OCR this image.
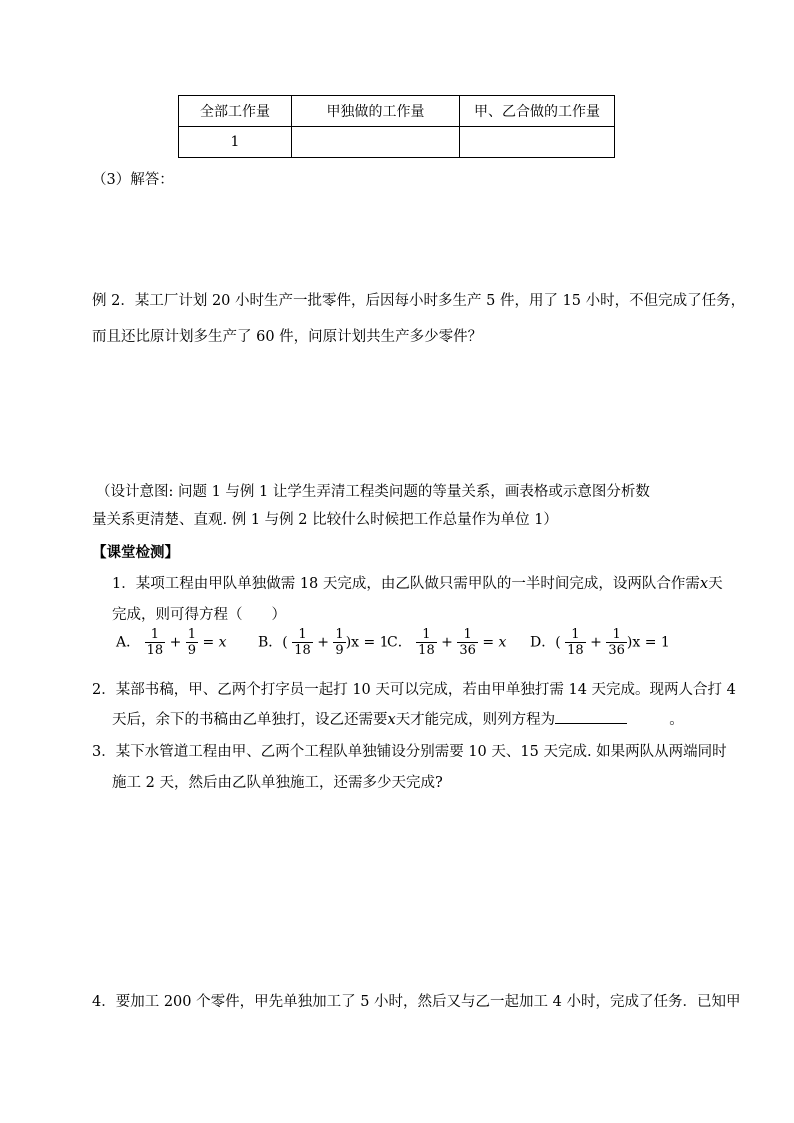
全部工作量	甲独做的工作量	甲、乙合做的工作量
1		
（3）解答：
例 2．某工厂计划 20 小时生产一批零件，后因每小时多生产 5 件，用了 15 小时，不但完成了任务，
而且还比原计划多生产了 60 件，问原计划共生产多少零件？
（设计意图: 问题 1 与例 1 让学生弄清工程类问题的等量关系，画表格或示意图分析数
量关系更清楚、直观. 例 1 与例 2 比较什么时候把工作总量作为单位 1）
【课堂检测】
1．某项工程由甲队单独做需 18 天完成，由乙队做只需甲队的一半时间完成，设两队合作需x天
完成，则可得方程（　　）
A． $\frac{1}{18} + \frac{1}{9} = x$ B．( $\frac{1}{18} + \frac{1}{9} )x = 1$
C． $\frac{1}{18} + \frac{1}{36} = x$ D．( $\frac{1}{18} + \frac{1}{36} )x = 1$
2．某部书稿，甲、乙两个打字员一起打 10 天可以完成，若由甲单独打需 14 天完成。现两人合打 4
天后，余下的书稿由乙单独打，设乙还需要x天才能完成，则列方程为	。
3．某下水管道工程由甲、乙两个工程队单独铺设分别需要 10 天、15 天完成. 如果两队从两端同时
施工 2 天，然后由乙队单独施工，还需多少天完成?
4．要加工 200 个零件，甲先单独加工了 5 小时，然后又与乙一起加工 4 小时，完成了任务．已知甲
